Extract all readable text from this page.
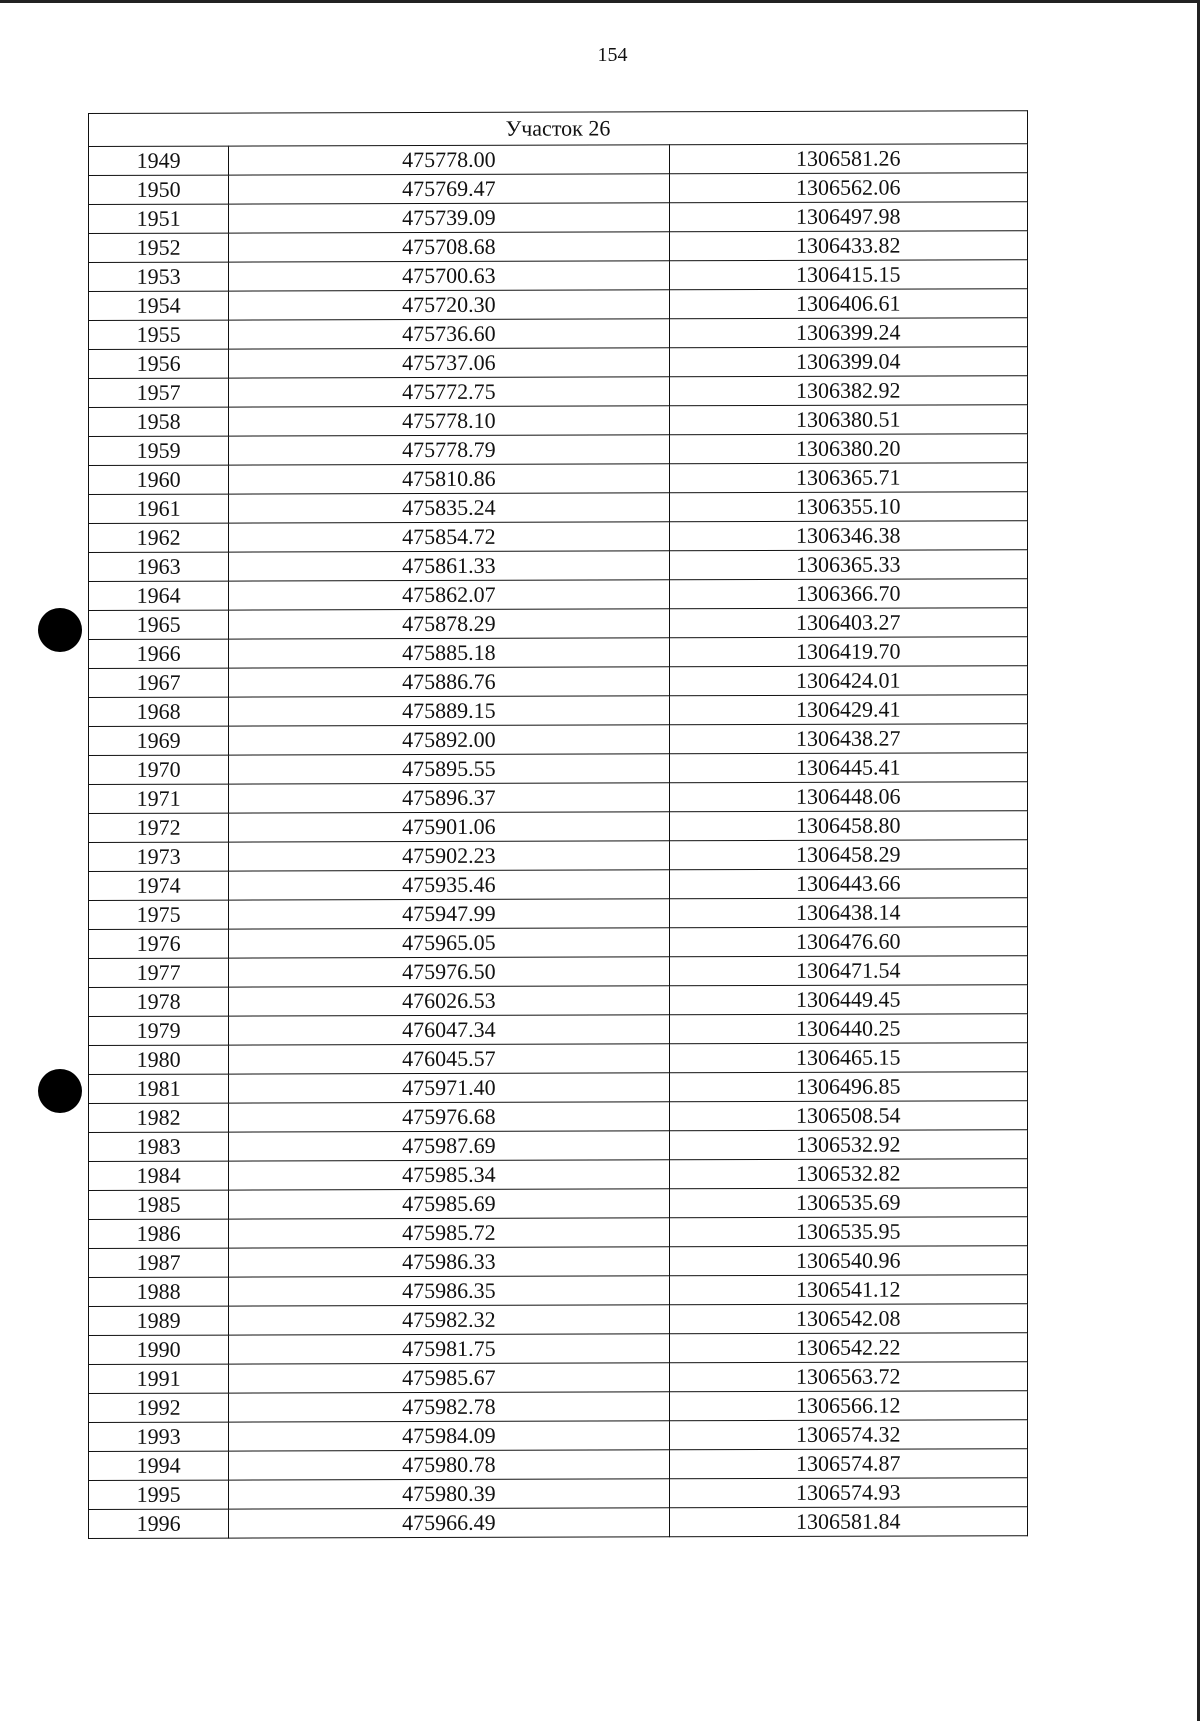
154
Участок 26		
1949	475778.00	1306581.26
1950	475769.47	1306562.06
1951	475739.09	1306497.98
1952	475708.68	1306433.82
1953	475700.63	1306415.15
1954	475720.30	1306406.61
1955	475736.60	1306399.24
1956	475737.06	1306399.04
1957	475772.75	1306382.92
1958	475778.10	1306380.51
1959	475778.79	1306380.20
1960	475810.86	1306365.71
1961	475835.24	1306355.10
1962	475854.72	1306346.38
1963	475861.33	1306365.33
1964	475862.07	1306366.70
1965	475878.29	1306403.27
1966	475885.18	1306419.70
1967	475886.76	1306424.01
1968	475889.15	1306429.41
1969	475892.00	1306438.27
1970	475895.55	1306445.41
1971	475896.37	1306448.06
1972	475901.06	1306458.80
1973	475902.23	1306458.29
1974	475935.46	1306443.66
1975	475947.99	1306438.14
1976	475965.05	1306476.60
1977	475976.50	1306471.54
1978	476026.53	1306449.45
1979	476047.34	1306440.25
1980	476045.57	1306465.15
1981	475971.40	1306496.85
1982	475976.68	1306508.54
1983	475987.69	1306532.92
1984	475985.34	1306532.82
1985	475985.69	1306535.69
1986	475985.72	1306535.95
1987	475986.33	1306540.96
1988	475986.35	1306541.12
1989	475982.32	1306542.08
1990	475981.75	1306542.22
1991	475985.67	1306563.72
1992	475982.78	1306566.12
1993	475984.09	1306574.32
1994	475980.78	1306574.87
1995	475980.39	1306574.93
1996	475966.49	1306581.84
